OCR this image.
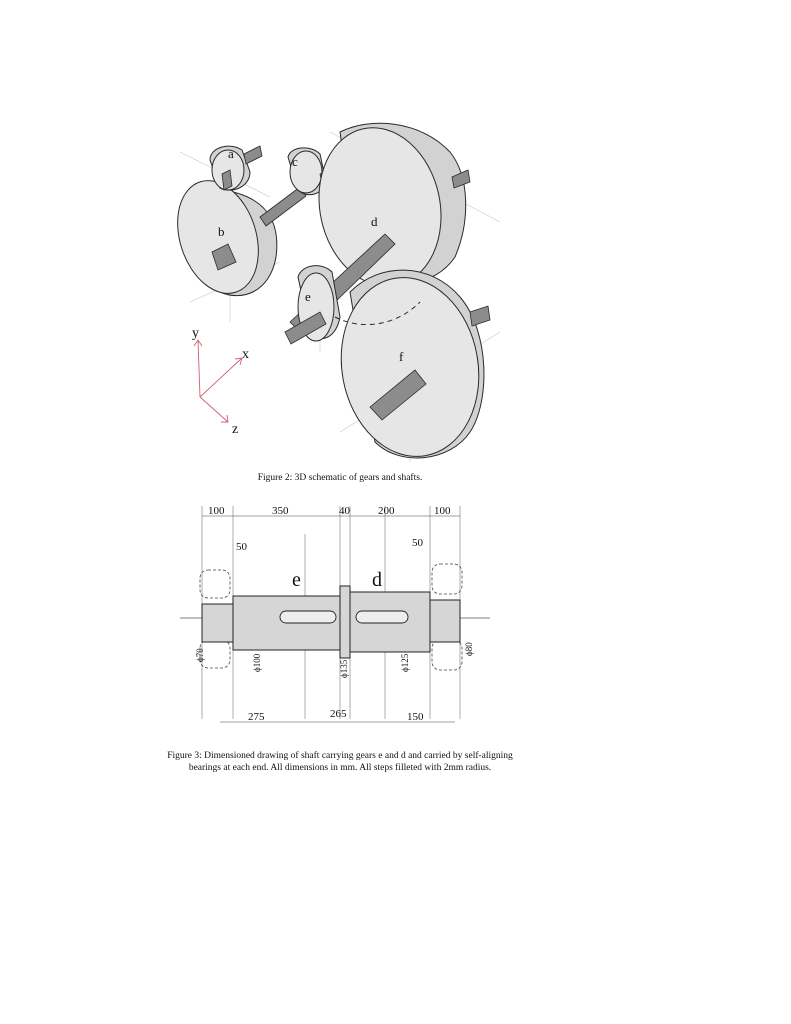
a
b
c
d
e
f
y
x
z
Figure 2: 3D schematic of gears and shafts.
100	350	40	200	100
50	50
e	d
ϕ70	ϕ100	ϕ135	ϕ125
ϕ80
275	265	150
Figure 3: Dimensioned drawing of shaft carrying gears e and d and carried by self-aligning
bearings at each end. All dimensions in mm. All steps filleted with 2mm radius.
